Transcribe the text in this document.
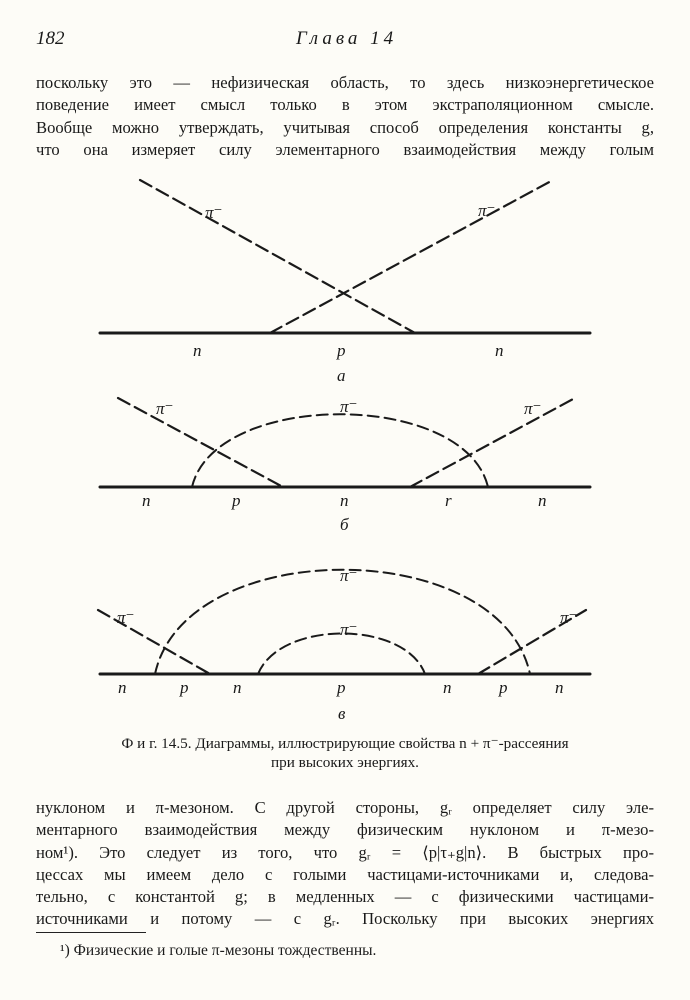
182	Глава 14
поскольку это — нефизическая область, то здесь низкоэнергетическое
поведение имеет смысл только в этом экстраполяционном смысле.
Вообще можно утверждать, учитывая способ определения константы g,
что она измеряет силу элементарного взаимодействия между голым
π⁻	π⁻
n	p	n
а
π⁻	π⁻	π⁻
n	p	n	r	n
б
π⁻
π⁻
π⁻
π⁻
n	p	n	p	n	p	n
в
Ф и г. 14.5. Диаграммы, иллюстрирующие свойства n + π⁻-рассеяния
при высоких энергиях.
нуклоном и π-мезоном. С другой стороны, gᵣ определяет силу эле-
ментарного взаимодействия между физическим нуклоном и π-мезо-
ном¹). Это следует из того, что gᵣ = ⟨p|τ₊g|n⟩. В быстрых про-
цессах мы имеем дело с голыми частицами-источниками и, следова-
тельно, с константой g; в медленных — с физическими частицами-
источниками и потому — с gᵣ. Поскольку при высоких энергиях
¹) Физические и голые π-мезоны тождественны.
